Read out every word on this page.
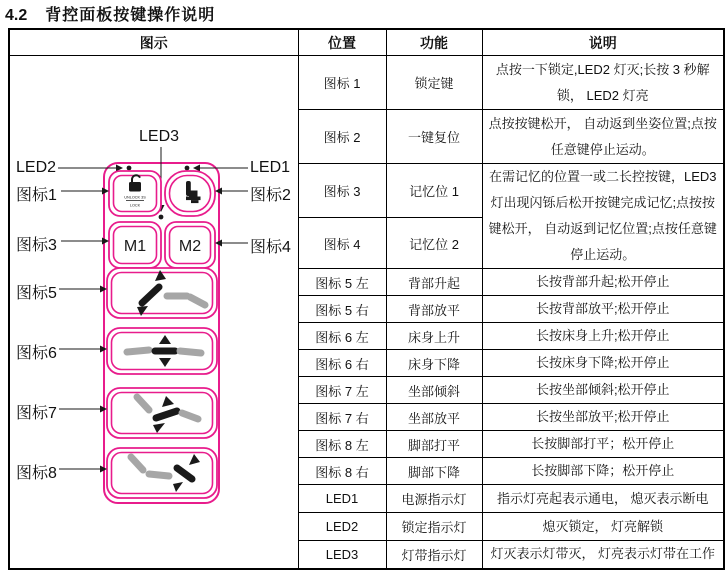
4.2 背控面板按键操作说明
图示	位置	功能	说明

UNLOCK 3S
LOCK
M1 M2
LED3
LED2	LED1
图标1	图标2
图标3	图标4
图标5
图标6
图标7
图标8
	图标 1	锁定键	点按一下锁定,LED2 灯灭;长按 3 秒解锁， LED2 灯亮
	图标 2	一键复位	点按按键松开， 自动返到坐姿位置;点按任意键停止运动。
	图标 3	记忆位 1	在需记忆的位置一或二长控按键，LED3 灯出现闪铄后松开按键完成记忆;点按按键松开， 自动返到记忆位置;点按任意键停止运动。
	图标 4	记忆位 2	
	图标 5 左	背部升起	长按背部升起;松开停止
	图标 5 右	背部放平	长按背部放平;松开停止
	图标 6 左	床身上升	长按床身上升;松开停止
	图标 6 右	床身下降	长按床身下降;松开停止
	图标 7 左	坐部倾斜	长按坐部倾斜;松开停止
	图标 7 右	坐部放平	长按坐部放平;松开停止
	图标 8 左	脚部打平	长按脚部打平；松开停止
	图标 8 右	脚部下降	长按脚部下降；松开停止
	LED1	电源指示灯	指示灯亮起表示通电， 熄灭表示断电
	LED2	锁定指示灯	熄灭锁定， 灯亮解锁
	LED3	灯带指示灯	灯灭表示灯带灭， 灯亮表示灯带在工作
